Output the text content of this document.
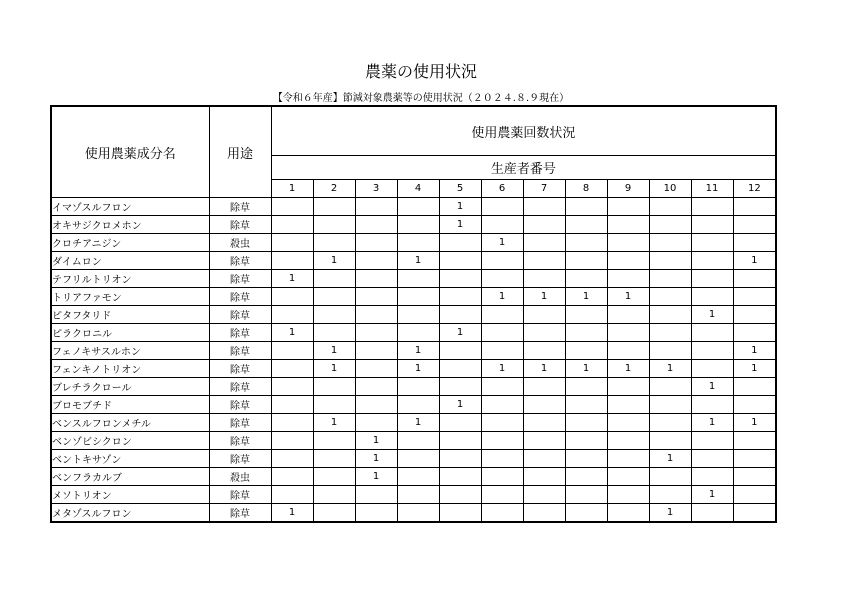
農薬の使用状況
【令和６年産】節減対象農薬等の使用状況（２０２４.８.９現在）
使用農薬成分名	用途	使用農薬回数状況											
		生産者番号											
		1	2	3	4	5	6	7	8	9	10	11	12
イマゾスルフロン	除草					1							
オキサジクロメホン	除草					1							
クロチアニジン	殺虫						1						
ダイムロン	除草		1		1								1
テフリルトリオン	除草	1											
トリアファモン	除草						1	1	1	1			
ピタフタリド	除草											1	
ピラクロニル	除草	1				1							
フェノキサスルホン	除草		1		1								1
フェンキノトリオン	除草		1		1		1	1	1	1	1		1
ブレチラクロール	除草											1	
ブロモブチド	除草					1							
ベンスルフロンメチル	除草		1		1							1	1
ベンゾビシクロン	除草			1									
ベントキサゾン	除草			1							1		
ベンフラカルブ	殺虫			1									
メソトリオン	除草											1	
メタゾスルフロン	除草	1									1		
